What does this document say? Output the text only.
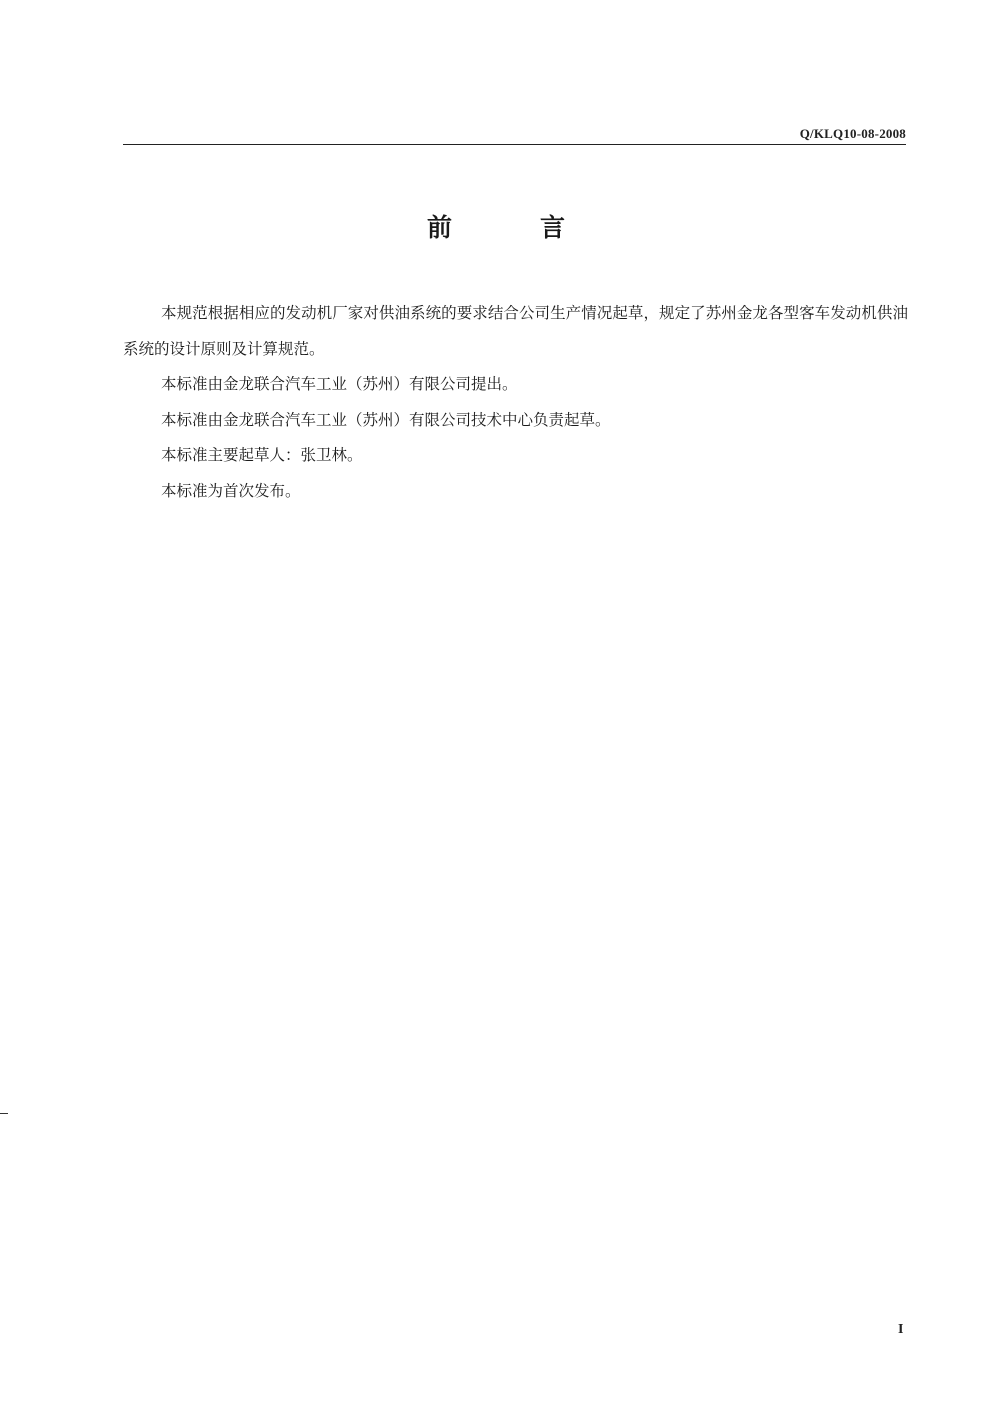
Q/KLQ10-08-2008
前言

本规范根据相应的发动机厂家对供油系统的要求结合公司生产情况起草，规定了苏州金龙各型客车发动机供油系统的设计原则及计算规范。

本标准由金龙联合汽车工业（苏州）有限公司提出。

本标准由金龙联合汽车工业（苏州）有限公司技术中心负责起草。

本标准主要起草人：张卫林。

本标准为首次发布。

I
